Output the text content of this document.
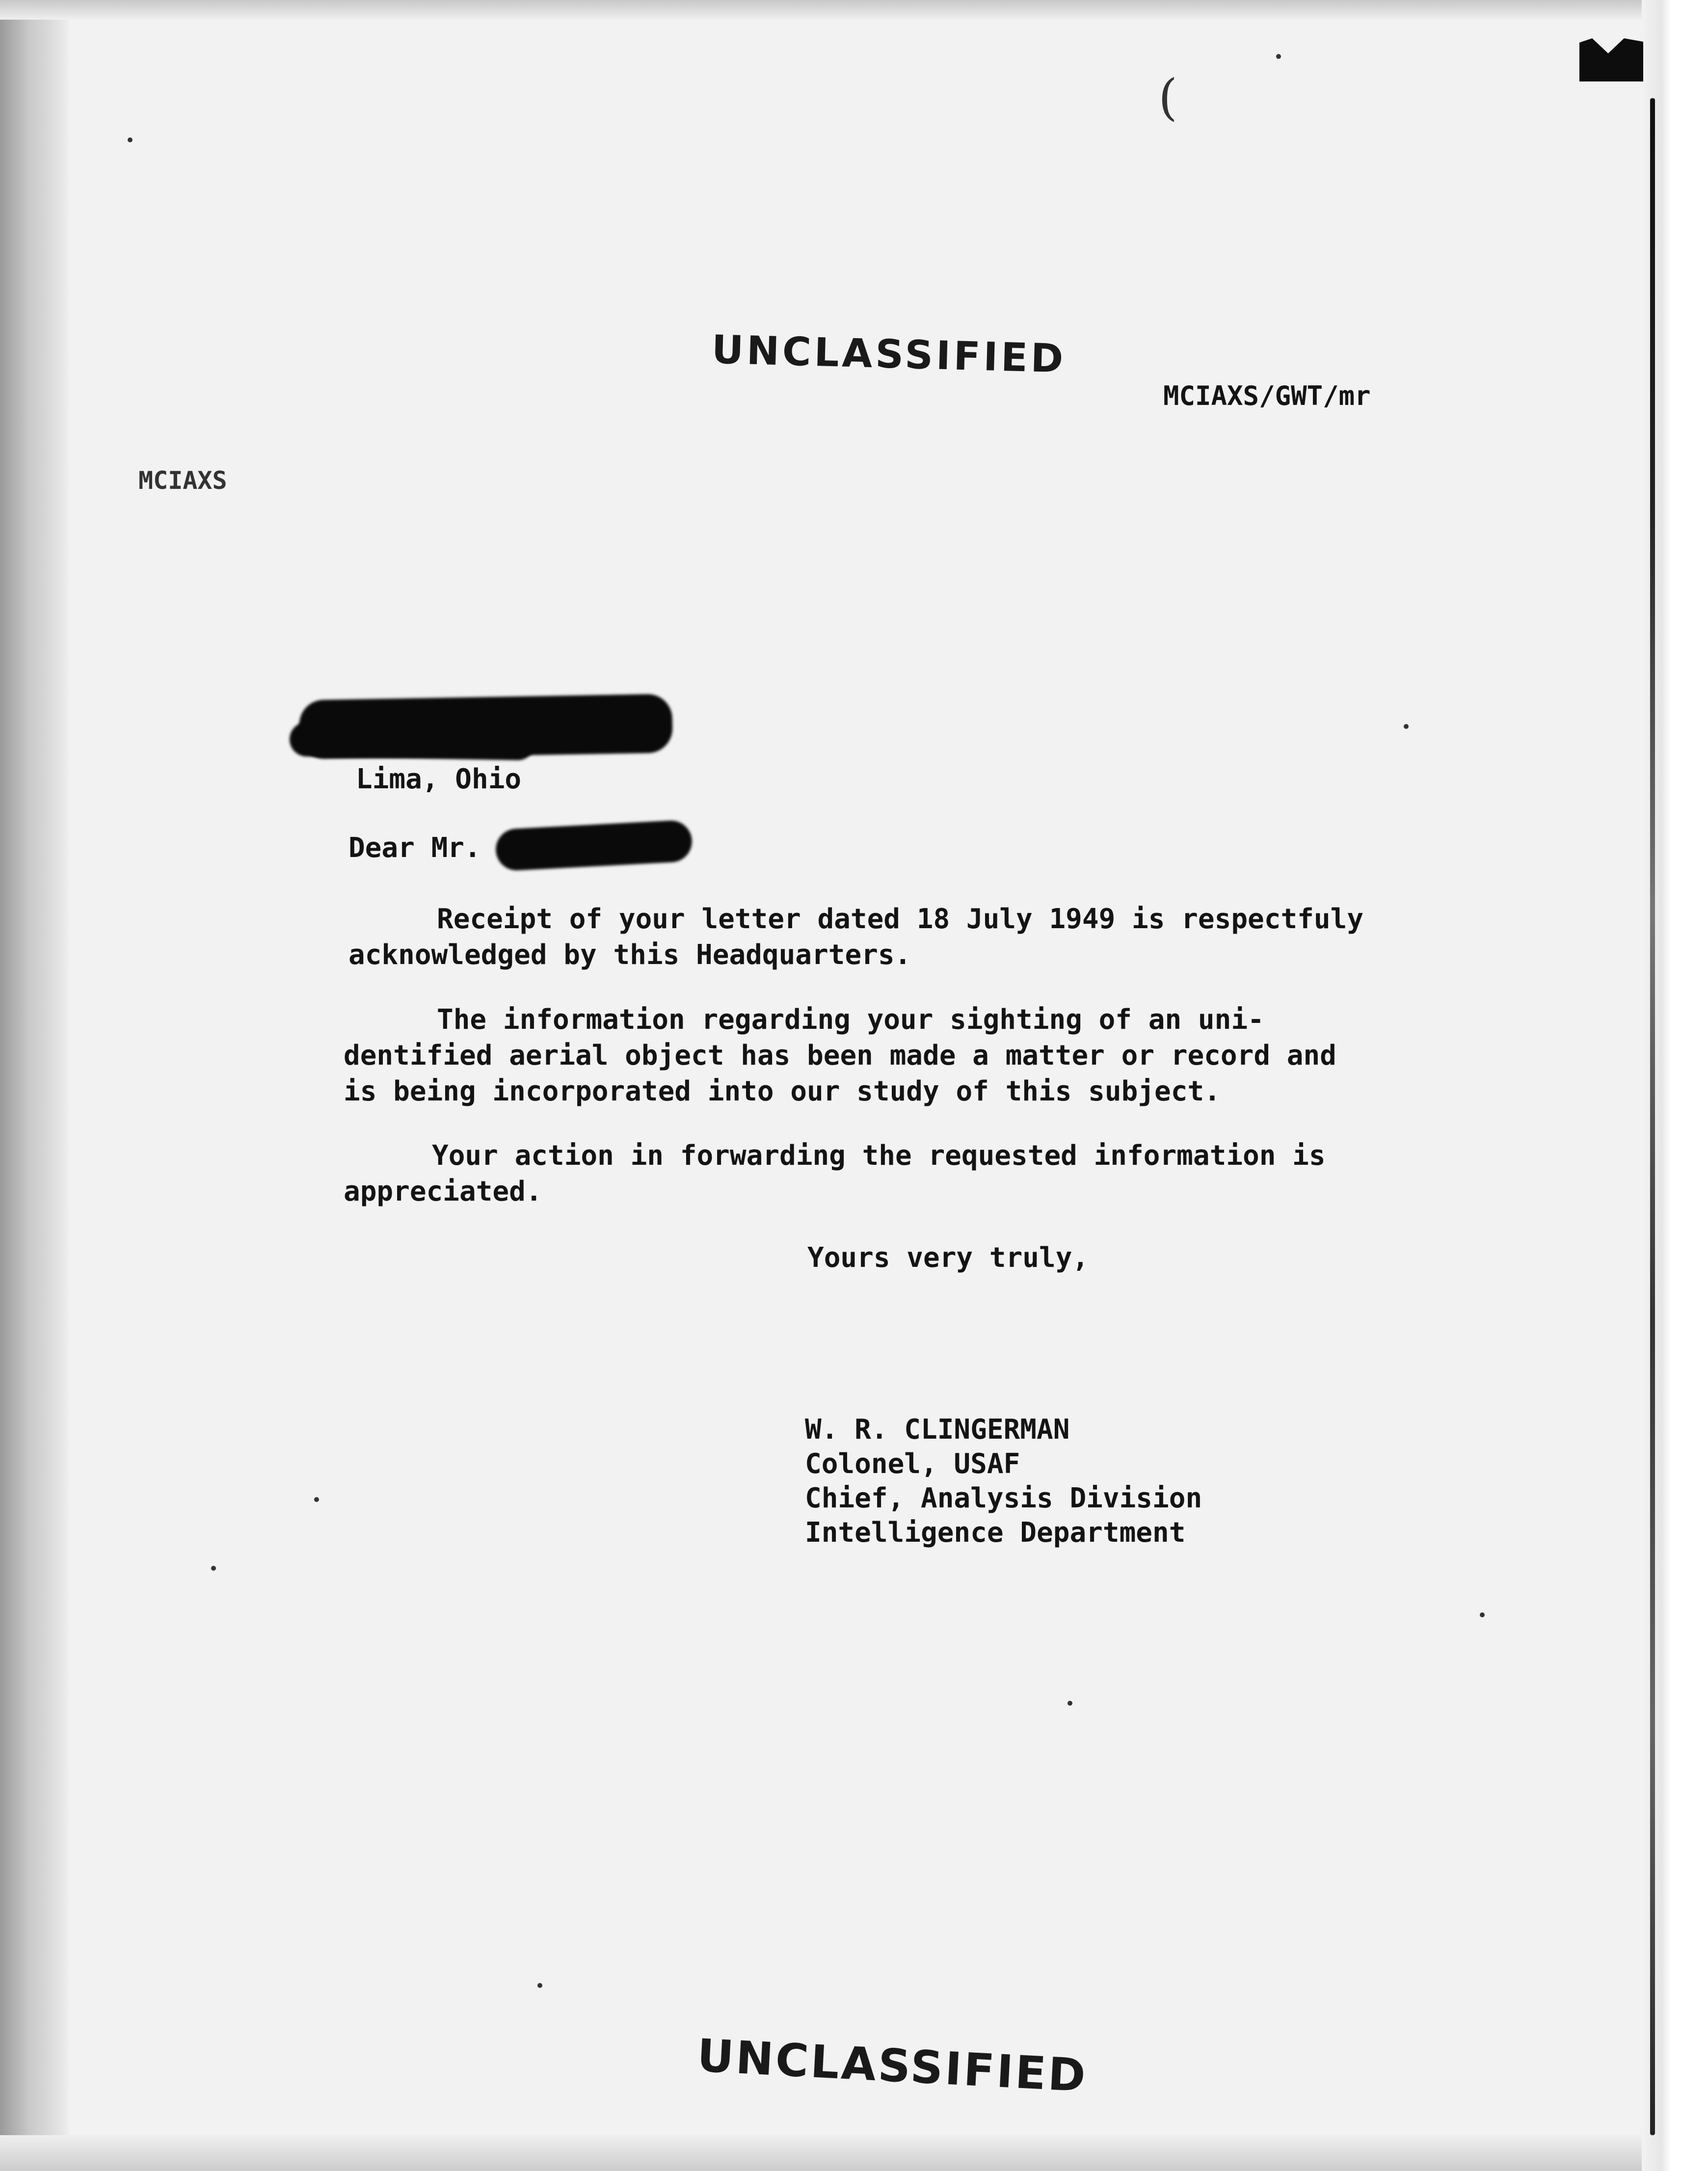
(
UNCLASSIFIED
MCIAXS/GWT/mr
MCIAXS
Lima, Ohio
Dear Mr.
Receipt of your letter dated 18 July 1949 is respectfuly
acknowledged by this Headquarters.
The information regarding your sighting of an uni-
dentified aerial object has been made a matter or record and
is being incorporated into our study of this subject.
Your action in forwarding the requested information is
appreciated.
Yours very truly,
W. R. CLINGERMAN
Colonel, USAF
Chief, Analysis Division
Intelligence Department
UNCLASSIFIED
